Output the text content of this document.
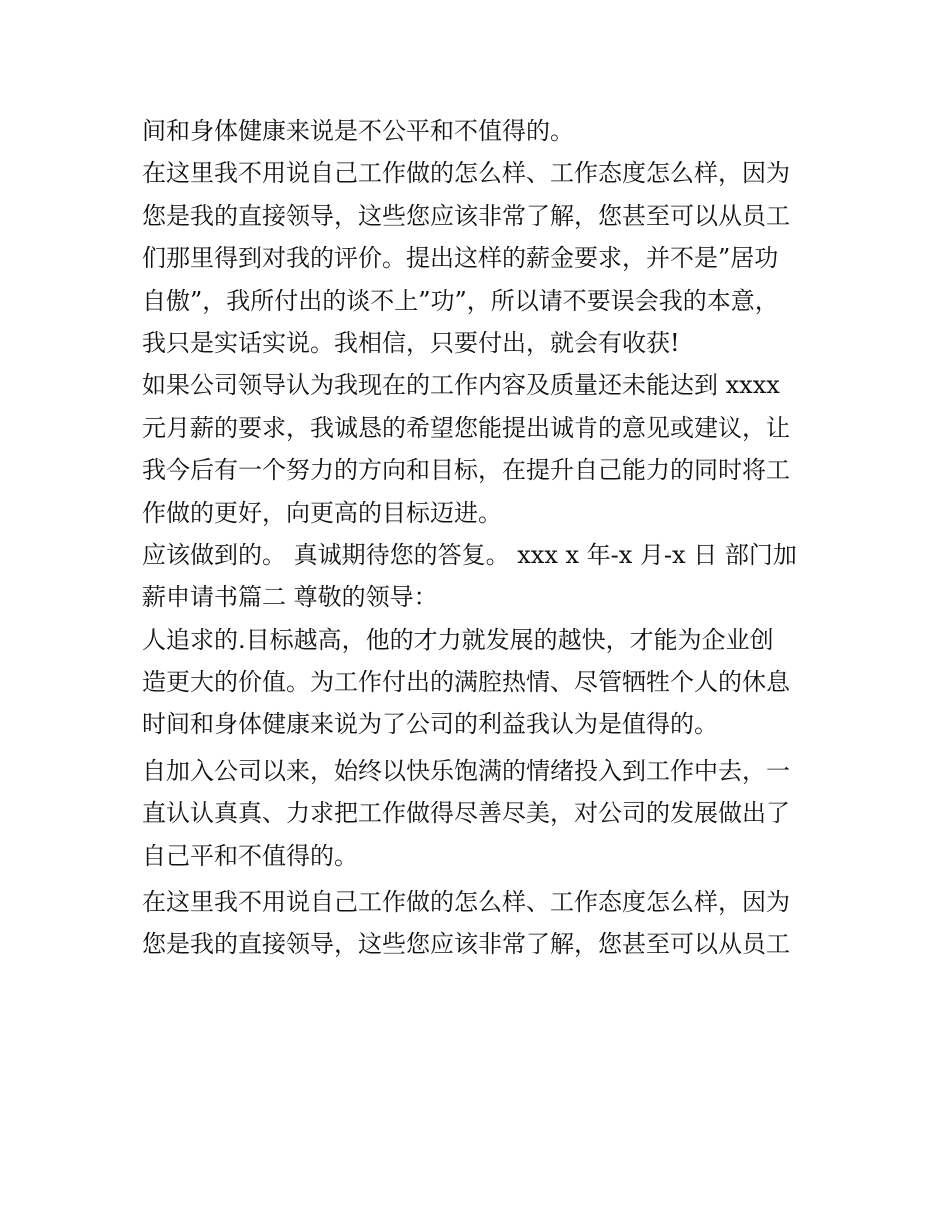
间和身体健康来说是不公平和不值得的。
在这里我不用说自己工作做的怎么样、工作态度怎么样，因为
您是我的直接领导，这些您应该非常了解，您甚至可以从员工
们那里得到对我的评价。提出这样的薪金要求，并不是”居功
自傲”，我所付出的谈不上”功”，所以请不要误会我的本意，
我只是实话实说。我相信，只要付出，就会有收获!
如果公司领导认为我现在的工作内容及质量还未能达到 xxxx
元月薪的要求，我诚恳的希望您能提出诚肯的意见或建议，让
我今后有一个努力的方向和目标，在提升自己能力的同时将工
作做的更好，向更高的目标迈进。
应该做到的。 真诚期待您的答复。 xxx x 年-x 月-x 日 部门加
薪申请书篇二 尊敬的领导：
人追求的.目标越高，他的才力就发展的越快，才能为企业创
造更大的价值。为工作付出的满腔热情、尽管牺牲个人的休息
时间和身体健康来说为了公司的利益我认为是值得的。
自加入公司以来，始终以快乐饱满的情绪投入到工作中去，一
直认认真真、力求把工作做得尽善尽美，对公司的发展做出了
自己平和不值得的。
在这里我不用说自己工作做的怎么样、工作态度怎么样，因为
您是我的直接领导，这些您应该非常了解，您甚至可以从员工
